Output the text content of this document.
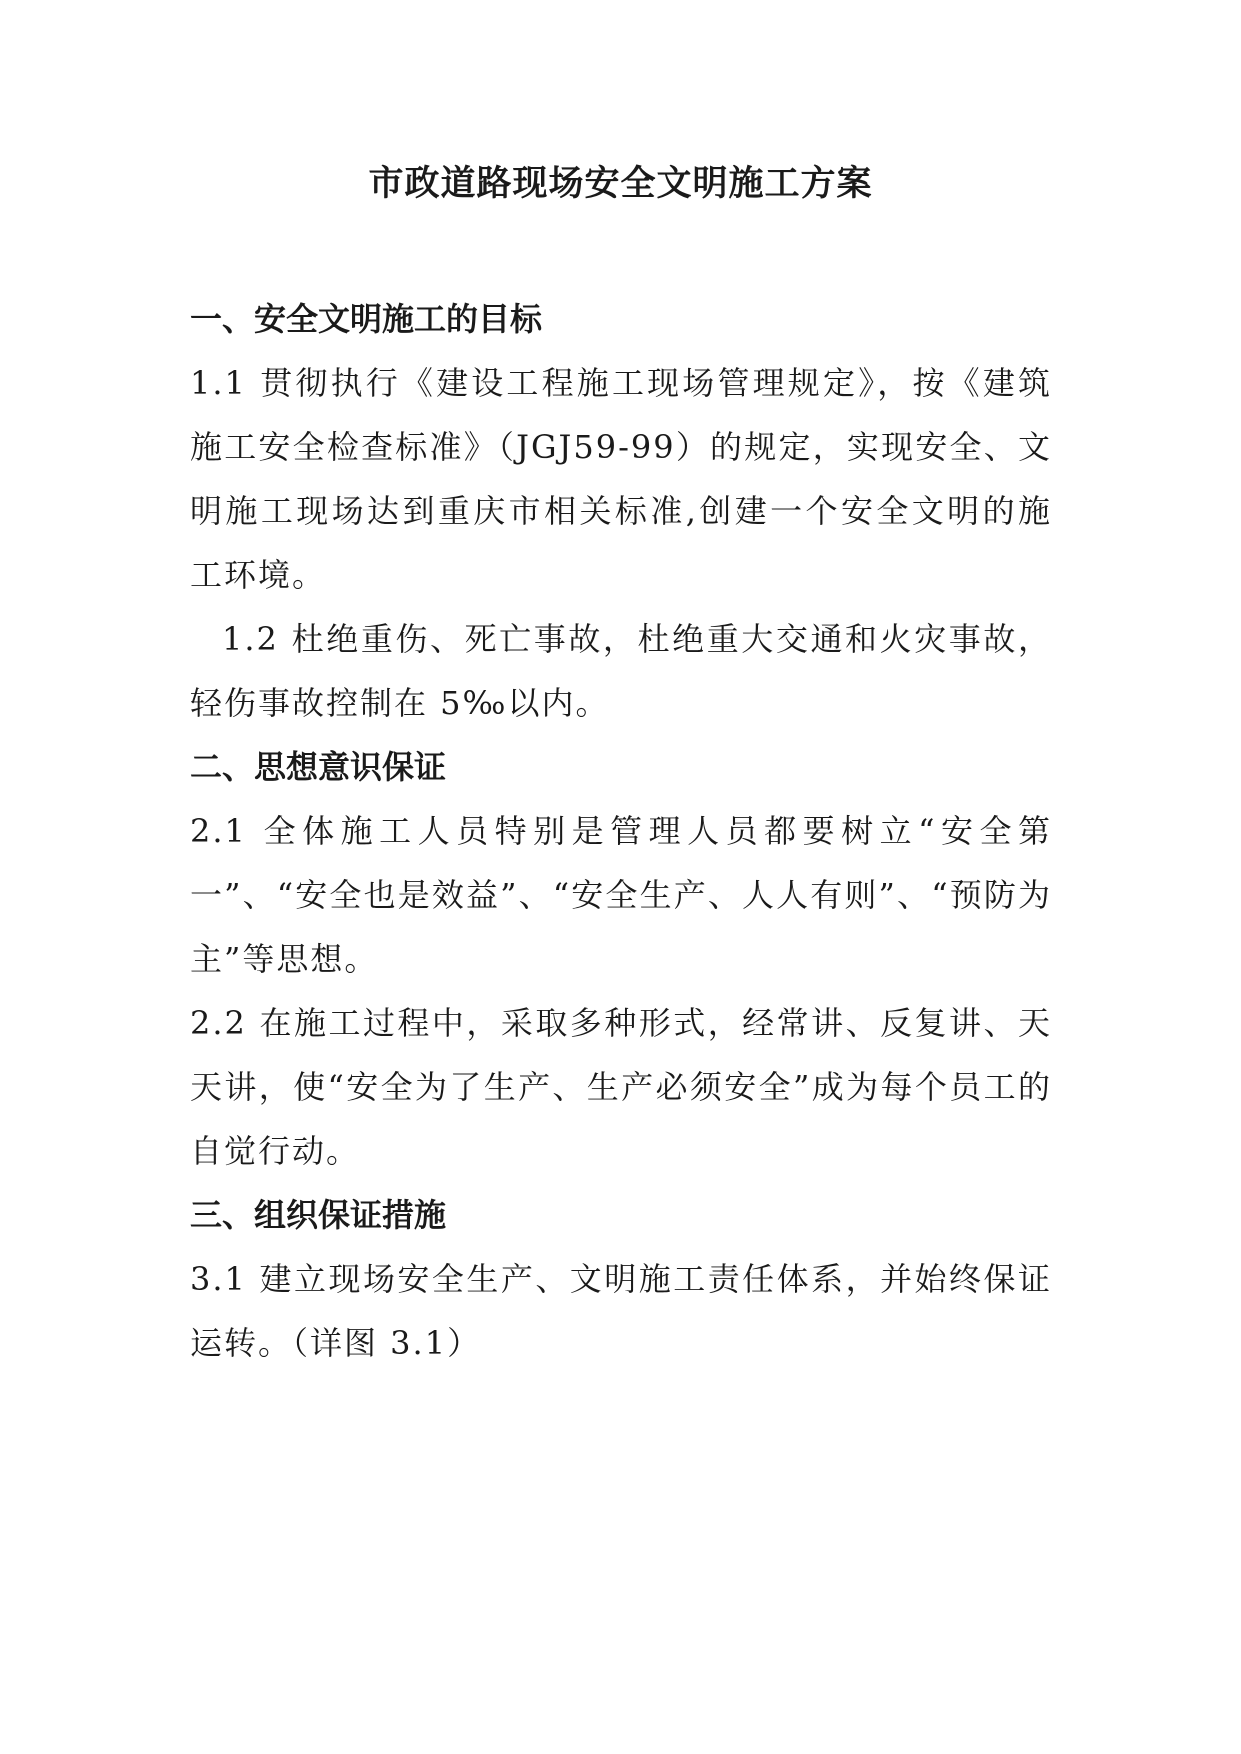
市政道路现场安全文明施工方案
一、安全文明施工的目标

1.1 贯彻执行《建设工程施工现场管理规定》，按《建筑施工安全检查标准》（JGJ59-99）的规定，实现安全、文明施工现场达到重庆市相关标准,创建一个安全文明的施工环境。

1.2 杜绝重伤、死亡事故，杜绝重大交通和火灾事故，轻伤事故控制在 5‰以内。

二、思想意识保证

2.1 全体施工人员特别是管理人员都要树立“安全第一”、“安全也是效益”、“安全生产、人人有则”、“预防为主”等思想。

2.2 在施工过程中，采取多种形式，经常讲、反复讲、天天讲，使“安全为了生产、生产必须安全”成为每个员工的自觉行动。

三、组织保证措施

3.1 建立现场安全生产、文明施工责任体系，并始终保证运转。（详图 3.1）
